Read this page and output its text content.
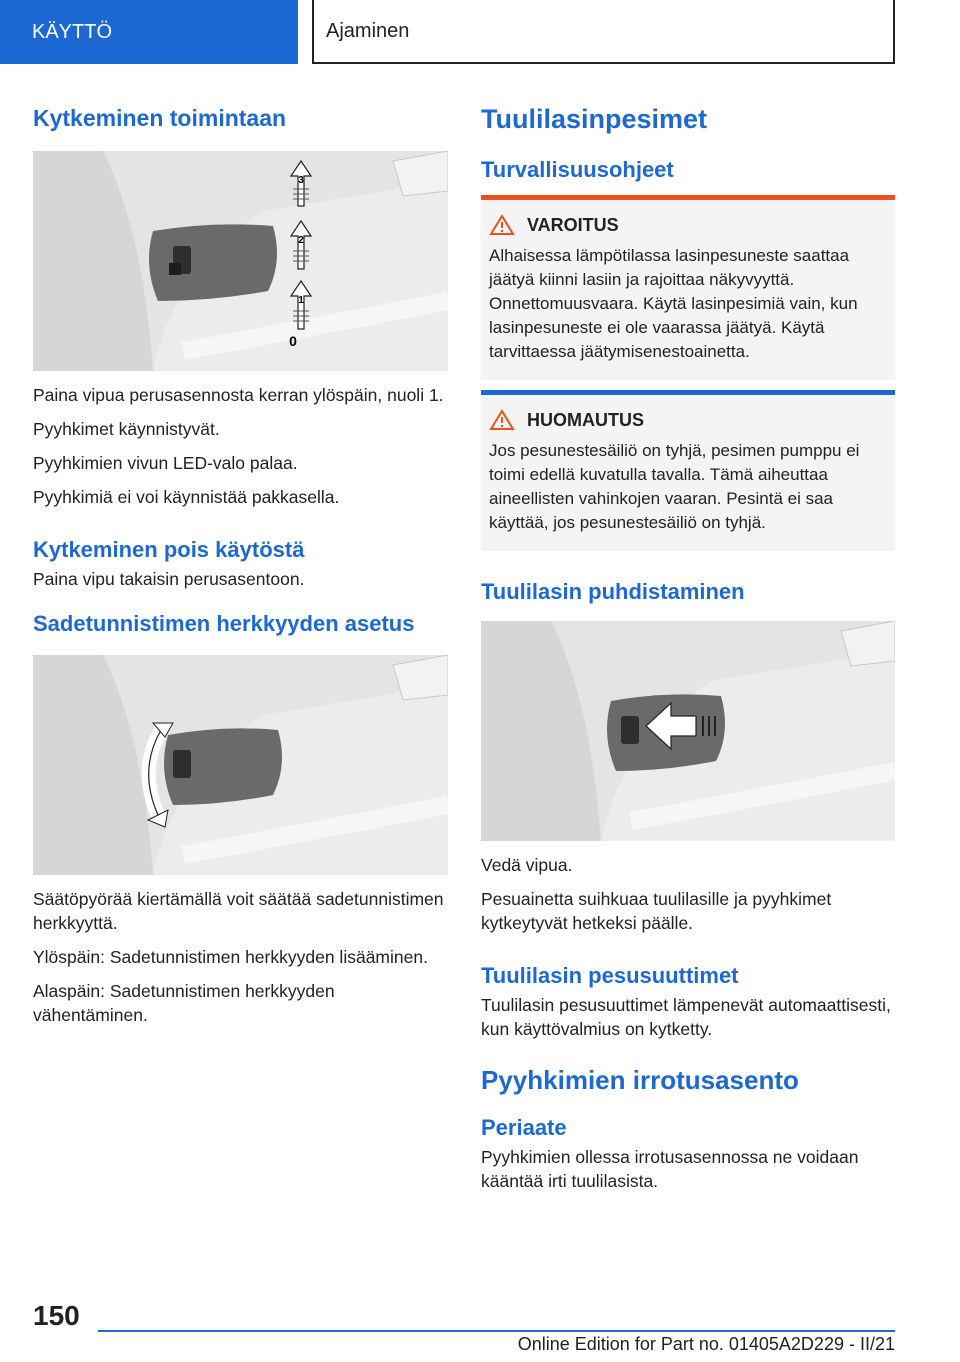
KÄYTTÖ	Ajaminen
Kytkeminen toimintaan
3
2
1
0

Paina vipua perusasennosta kerran ylöspäin, nuoli 1.

Pyyhkimet käynnistyvät.

Pyyhkimien vivun LED-valo palaa.

Pyyhkimiä ei voi käynnistää pakkasella.

Kytkeminen pois käytöstä

Paina vipu takaisin perusasentoon.

Sadetunnistimen herkkyyden asetus

Säätöpyörää kiertämällä voit säätää sadetunnistimen herkkyyttä.

Ylöspäin: Sadetunnistimen herkkyyden lisääminen.

Alaspäin: Sadetunnistimen herkkyyden vähentäminen.

Tuulilasinpesimet
Turvallisuusohjeet
VAROITUS

Alhaisessa lämpötilassa lasinpesuneste saattaa jäätyä kiinni lasiin ja rajoittaa näkyvyyttä. Onnettomuusvaara. Käytä lasinpesimiä vain, kun lasinpesuneste ei ole vaarassa jäätyä. Käytä tarvittaessa jäätymisenestoainetta.

HUOMAUTUS

Jos pesunestesäiliö on tyhjä, pesimen pumppu ei toimi edellä kuvatulla tavalla. Tämä aiheuttaa aineellisten vahinkojen vaaran. Pesintä ei saa käyttää, jos pesunestesäiliö on tyhjä.

Tuulilasin puhdistaminen

Vedä vipua.

Pesuainetta suihkuaa tuulilasille ja pyyhkimet kytkeytyvät hetkeksi päälle.

Tuulilasin pesusuuttimet

Tuulilasin pesusuuttimet lämpenevät automaattisesti, kun käyttövalmius on kytketty.

Pyyhkimien irrotusasento
Periaate

Pyyhkimien ollessa irrotusasennossa ne voidaan kääntää irti tuulilasista.

150
Online Edition for Part no. 01405A2D229 - II/21
